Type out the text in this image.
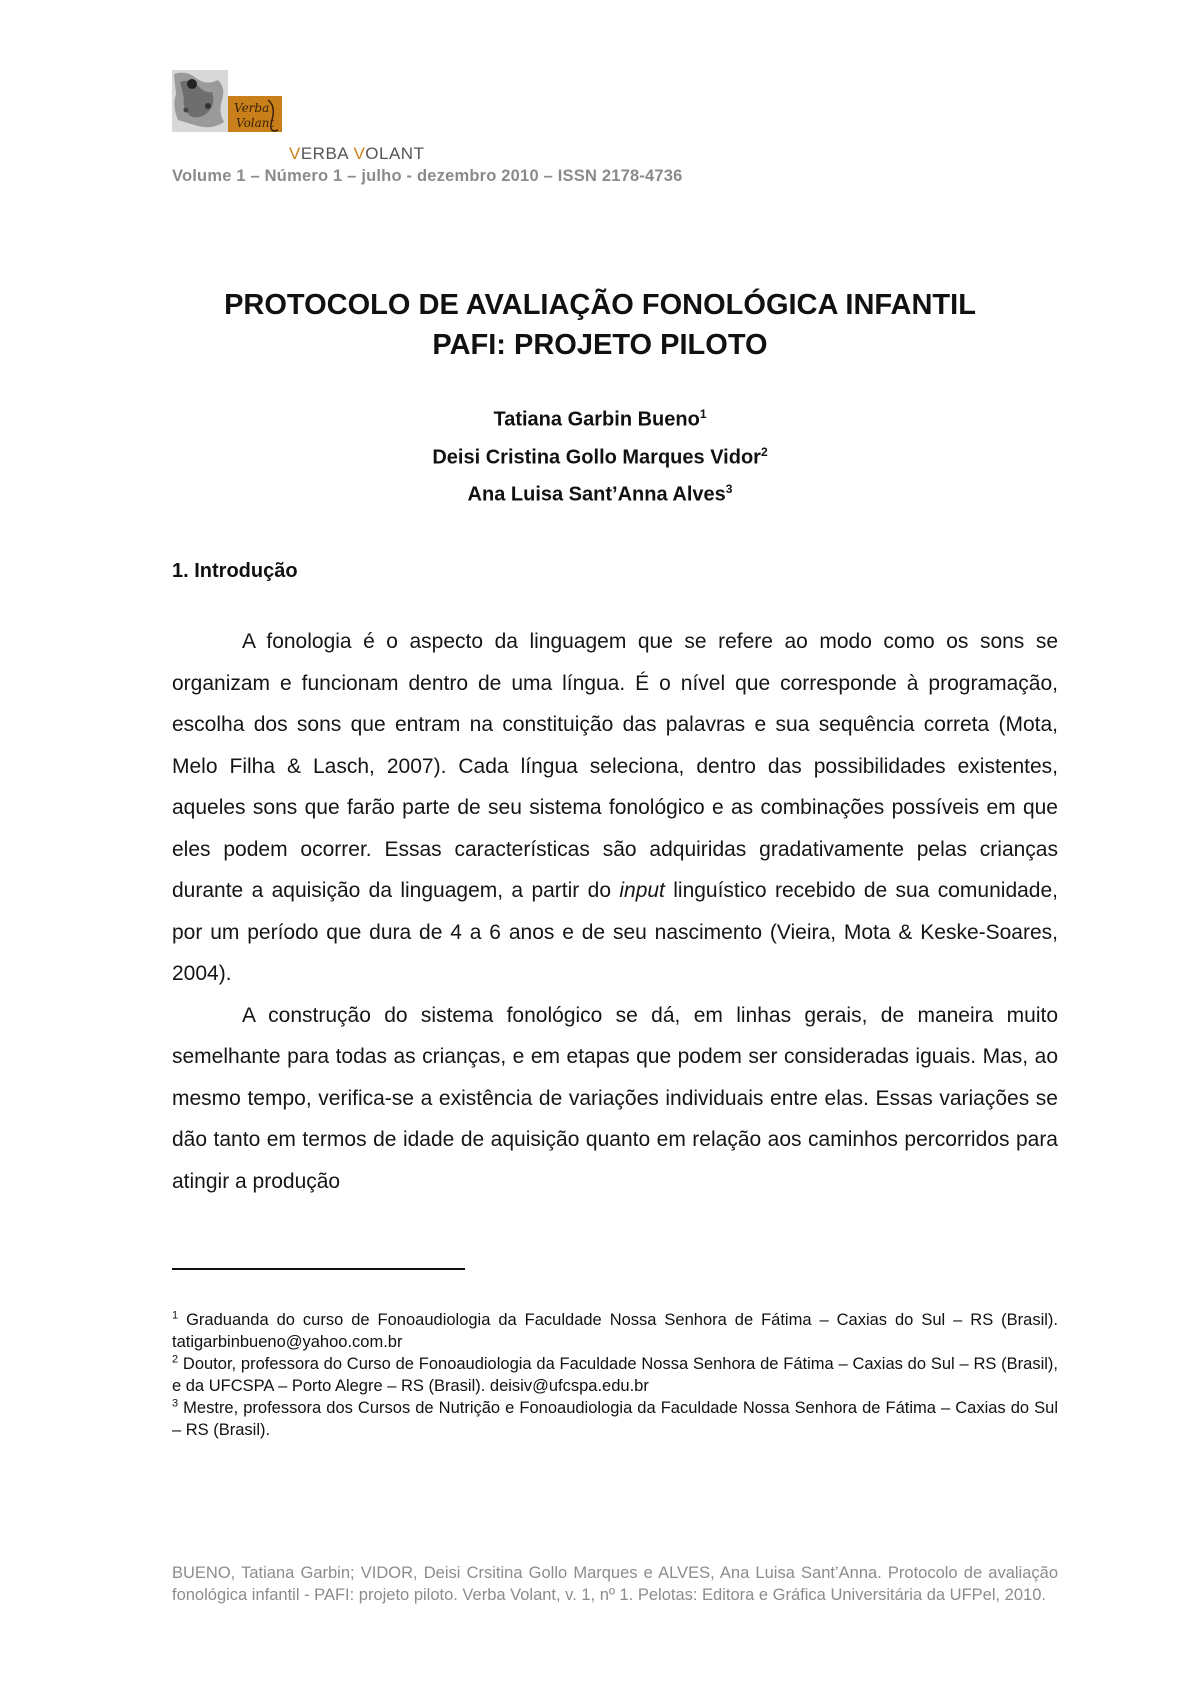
Verba
Volant
VERBA VOLANT
Volume 1 – Número 1 – julho - dezembro 2010 – ISSN 2178-4736
PROTOCOLO DE AVALIAÇÃO FONOLÓGICA INFANTIL
PAFI: PROJETO PILOTO
Tatiana Garbin Bueno$^1$
Deisi Cristina Gollo Marques Vidor$^2$
Ana Luisa Sant’Anna Alves$^3$
1. Introdução

A fonologia é o aspecto da linguagem que se refere ao modo como os sons se organizam e funcionam dentro de uma língua. É o nível que corresponde à programação, escolha dos sons que entram na constituição das palavras e sua sequência correta (Mota, Melo Filha & Lasch, 2007). Cada língua seleciona, dentro das possibilidades existentes, aqueles sons que farão parte de seu sistema fonológico e as combinações possíveis em que eles podem ocorrer. Essas características são adquiridas gradativamente pelas crianças durante a aquisição da linguagem, a partir do input linguístico recebido de sua comunidade, por um período que dura de 4 a 6 anos e de seu nascimento (Vieira, Mota & Keske-Soares, 2004).

A construção do sistema fonológico se dá, em linhas gerais, de maneira muito semelhante para todas as crianças, e em etapas que podem ser consideradas iguais. Mas, ao mesmo tempo, verifica-se a existência de variações individuais entre elas. Essas variações se dão tanto em termos de idade de aquisição quanto em relação aos caminhos percorridos para atingir a produção

$^1$ Graduanda do curso de Fonoaudiologia da Faculdade Nossa Senhora de Fátima – Caxias do Sul – RS (Brasil). tatigarbinbueno@yahoo.com.br

$^2$ Doutor, professora do Curso de Fonoaudiologia da Faculdade Nossa Senhora de Fátima – Caxias do Sul – RS (Brasil), e da UFCSPA – Porto Alegre – RS (Brasil). deisiv@ufcspa.edu.br

$^3$ Mestre, professora dos Cursos de Nutrição e Fonoaudiologia da Faculdade Nossa Senhora de Fátima – Caxias do Sul – RS (Brasil).

BUENO, Tatiana Garbin; VIDOR, Deisi Crsitina Gollo Marques e ALVES, Ana Luisa Sant’Anna. Protocolo de avaliação fonológica infantil - PAFI: projeto piloto. Verba Volant, v. 1, nº 1. Pelotas: Editora e Gráfica Universitária da UFPel, 2010.
